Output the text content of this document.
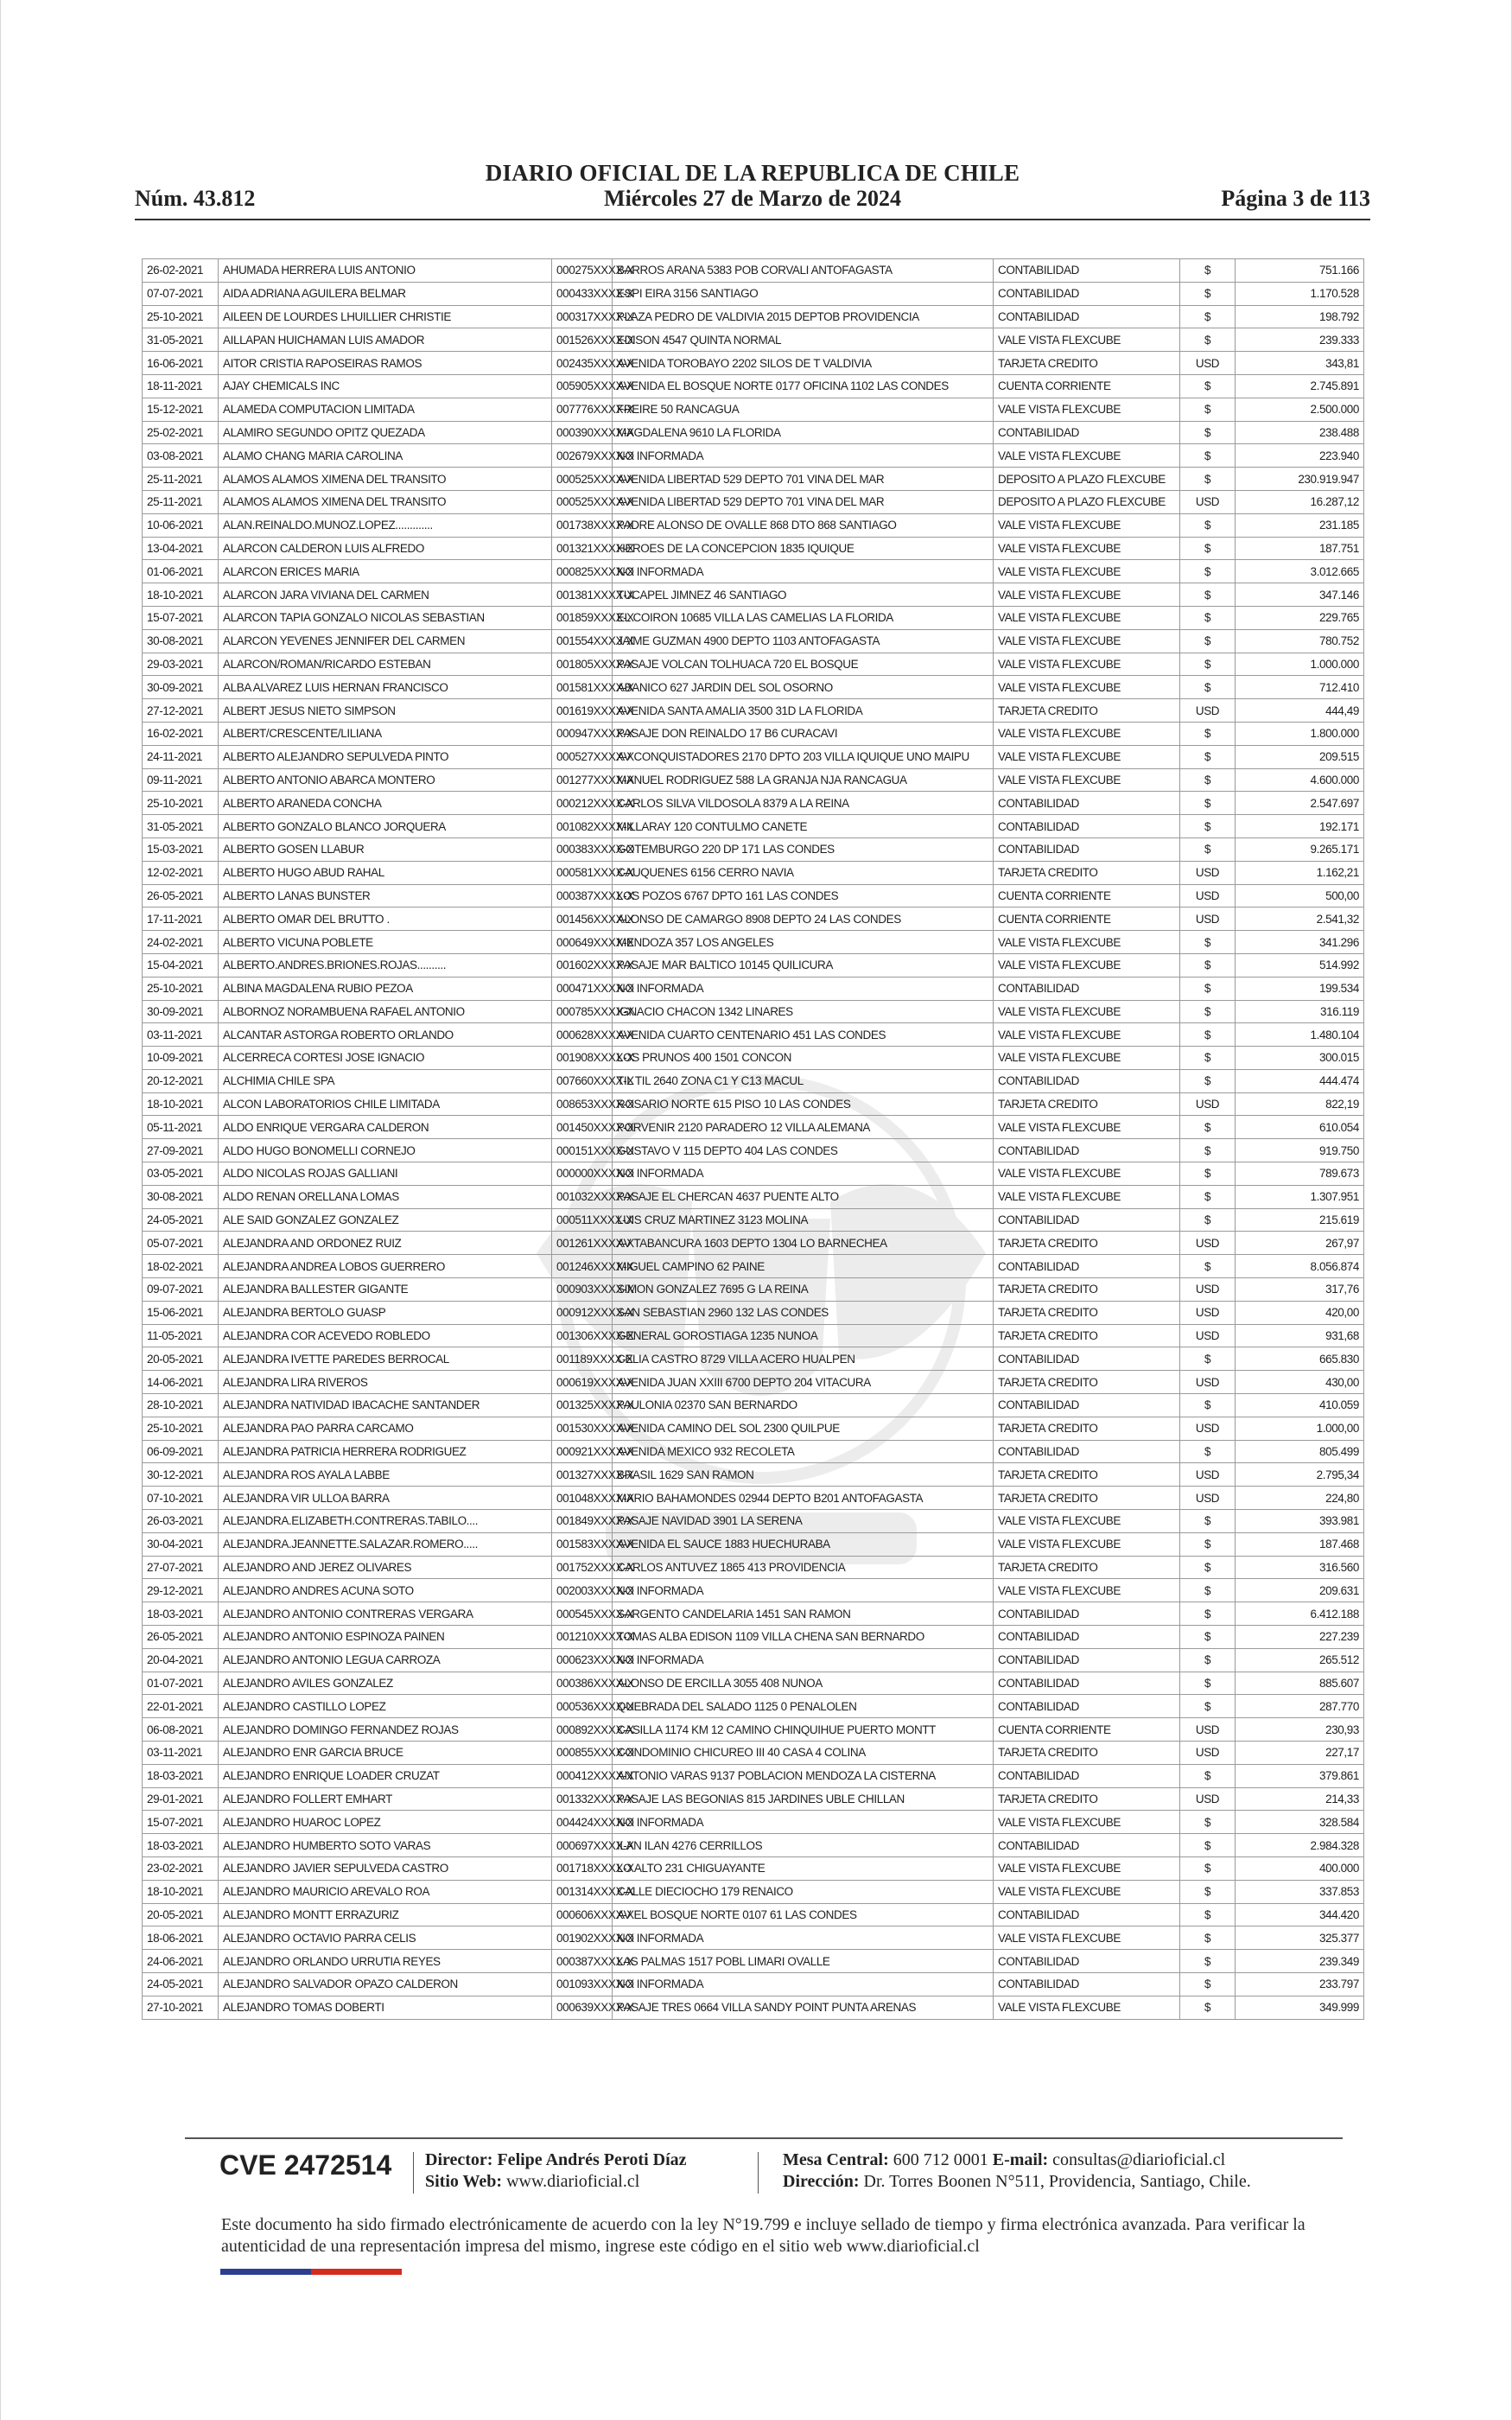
DIARIO OFICIAL DE LA REPUBLICA DE CHILE
Núm. 43.812	Miércoles 27 de Marzo de 2024	Página 3 de 113
26-02-2021	AHUMADA HERRERA LUIS ANTONIO	000275XXXX-X	BARROS ARANA 5383 POB CORVALI ANTOFAGASTA	CONTABILIDAD	$	751.166
07-07-2021	AIDA ADRIANA AGUILERA BELMAR	000433XXXX-X	ESPI EIRA 3156 SANTIAGO	CONTABILIDAD	$	1.170.528
25-10-2021	AILEEN DE LOURDES LHUILLIER CHRISTIE	000317XXXX-X	PLAZA PEDRO DE VALDIVIA 2015 DEPTOB PROVIDENCIA	CONTABILIDAD	$	198.792
31-05-2021	AILLAPAN HUICHAMAN LUIS AMADOR	001526XXXX-X	EDISON 4547 QUINTA NORMAL	VALE VISTA FLEXCUBE	$	239.333
16-06-2021	AITOR CRISTIA RAPOSEIRAS RAMOS	002435XXXX-X	AVENIDA TOROBAYO 2202 SILOS DE T VALDIVIA	TARJETA CREDITO	USD	343,81
18-11-2021	AJAY CHEMICALS INC	005905XXXX-X	AVENIDA EL BOSQUE NORTE 0177 OFICINA 1102 LAS CONDES	CUENTA CORRIENTE	$	2.745.891
15-12-2021	ALAMEDA COMPUTACION LIMITADA	007776XXXX-X	FREIRE 50 RANCAGUA	VALE VISTA FLEXCUBE	$	2.500.000
25-02-2021	ALAMIRO SEGUNDO OPITZ QUEZADA	000390XXXX-X	MAGDALENA 9610 LA FLORIDA	CONTABILIDAD	$	238.488
03-08-2021	ALAMO CHANG MARIA CAROLINA	002679XXXX-X	NO INFORMADA	VALE VISTA FLEXCUBE	$	223.940
25-11-2021	ALAMOS ALAMOS XIMENA DEL TRANSITO	000525XXXX-X	AVENIDA LIBERTAD 529 DEPTO 701 VINA DEL MAR	DEPOSITO A PLAZO FLEXCUBE	$	230.919.947
25-11-2021	ALAMOS ALAMOS XIMENA DEL TRANSITO	000525XXXX-X	AVENIDA LIBERTAD 529 DEPTO 701 VINA DEL MAR	DEPOSITO A PLAZO FLEXCUBE	USD	16.287,12
10-06-2021	ALAN.REINALDO.MUNOZ.LOPEZ.............	001738XXXX-X	PADRE ALONSO DE OVALLE 868 DTO 868 SANTIAGO	VALE VISTA FLEXCUBE	$	231.185
13-04-2021	ALARCON CALDERON LUIS ALFREDO	001321XXXX-X	HEROES DE LA CONCEPCION 1835 IQUIQUE	VALE VISTA FLEXCUBE	$	187.751
01-06-2021	ALARCON ERICES MARIA	000825XXXX-X	NO INFORMADA	VALE VISTA FLEXCUBE	$	3.012.665
18-10-2021	ALARCON JARA VIVIANA DEL CARMEN	001381XXXX-X	TUCAPEL JIMNEZ 46 SANTIAGO	VALE VISTA FLEXCUBE	$	347.146
15-07-2021	ALARCON TAPIA GONZALO NICOLAS SEBASTIAN	001859XXXX-X	EL COIRON 10685 VILLA LAS CAMELIAS LA FLORIDA	VALE VISTA FLEXCUBE	$	229.765
30-08-2021	ALARCON YEVENES JENNIFER DEL CARMEN	001554XXXX-X	JAIME GUZMAN 4900 DEPTO 1103 ANTOFAGASTA	VALE VISTA FLEXCUBE	$	780.752
29-03-2021	ALARCON/ROMAN/RICARDO ESTEBAN	001805XXXX-X	PASAJE VOLCAN TOLHUACA 720 EL BOSQUE	VALE VISTA FLEXCUBE	$	1.000.000
30-09-2021	ALBA ALVAREZ LUIS HERNAN FRANCISCO	001581XXXX-X	ABANICO 627 JARDIN DEL SOL OSORNO	VALE VISTA FLEXCUBE	$	712.410
27-12-2021	ALBERT JESUS NIETO SIMPSON	001619XXXX-X	AVENIDA SANTA AMALIA 3500 31D LA FLORIDA	TARJETA CREDITO	USD	444,49
16-02-2021	ALBERT/CRESCENTE/LILIANA	000947XXXX-X	PASAJE DON REINALDO 17 B6 CURACAVI	VALE VISTA FLEXCUBE	$	1.800.000
24-11-2021	ALBERTO ALEJANDRO SEPULVEDA PINTO	000527XXXX-X	AV CONQUISTADORES 2170 DPTO 203 VILLA IQUIQUE UNO MAIPU	VALE VISTA FLEXCUBE	$	209.515
09-11-2021	ALBERTO ANTONIO ABARCA MONTERO	001277XXXX-X	MANUEL RODRIGUEZ 588 LA GRANJA NJA RANCAGUA	VALE VISTA FLEXCUBE	$	4.600.000
25-10-2021	ALBERTO ARANEDA CONCHA	000212XXXX-X	CARLOS SILVA VILDOSOLA 8379 A LA REINA	CONTABILIDAD	$	2.547.697
31-05-2021	ALBERTO GONZALO BLANCO JORQUERA	001082XXXX-X	MILLARAY 120 CONTULMO CANETE	CONTABILIDAD	$	192.171
15-03-2021	ALBERTO GOSEN LLABUR	000383XXXX-X	GOTEMBURGO 220 DP 171 LAS CONDES	CONTABILIDAD	$	9.265.171
12-02-2021	ALBERTO HUGO ABUD RAHAL	000581XXXX-X	CAUQUENES 6156 CERRO NAVIA	TARJETA CREDITO	USD	1.162,21
26-05-2021	ALBERTO LANAS BUNSTER	000387XXXX-X	LOS POZOS 6767 DPTO 161 LAS CONDES	CUENTA CORRIENTE	USD	500,00
17-11-2021	ALBERTO OMAR DEL BRUTTO .	001456XXXX-X	ALONSO DE CAMARGO 8908 DEPTO 24 LAS CONDES	CUENTA CORRIENTE	USD	2.541,32
24-02-2021	ALBERTO VICUNA POBLETE	000649XXXX-X	MENDOZA 357 LOS ANGELES	VALE VISTA FLEXCUBE	$	341.296
15-04-2021	ALBERTO.ANDRES.BRIONES.ROJAS..........	001602XXXX-X	PASAJE MAR BALTICO 10145 QUILICURA	VALE VISTA FLEXCUBE	$	514.992
25-10-2021	ALBINA MAGDALENA RUBIO PEZOA	000471XXXX-X	NO INFORMADA	CONTABILIDAD	$	199.534
30-09-2021	ALBORNOZ NORAMBUENA RAFAEL ANTONIO	000785XXXX-X	IGNACIO CHACON 1342 LINARES	VALE VISTA FLEXCUBE	$	316.119
03-11-2021	ALCANTAR ASTORGA ROBERTO ORLANDO	000628XXXX-X	AVENIDA CUARTO CENTENARIO 451 LAS CONDES	VALE VISTA FLEXCUBE	$	1.480.104
10-09-2021	ALCERRECA CORTESI JOSE IGNACIO	001908XXXX-X	LOS PRUNOS 400 1501 CONCON	VALE VISTA FLEXCUBE	$	300.015
20-12-2021	ALCHIMIA CHILE SPA	007660XXXX-X	TIL TIL 2640 ZONA C1 Y C13 MACUL	CONTABILIDAD	$	444.474
18-10-2021	ALCON LABORATORIOS CHILE LIMITADA	008653XXXX-X	ROSARIO NORTE 615 PISO 10 LAS CONDES	TARJETA CREDITO	USD	822,19
05-11-2021	ALDO ENRIQUE VERGARA CALDERON	001450XXXX-X	PORVENIR 2120 PARADERO 12 VILLA ALEMANA	VALE VISTA FLEXCUBE	$	610.054
27-09-2021	ALDO HUGO BONOMELLI CORNEJO	000151XXXX-X	GUSTAVO V 115 DEPTO 404 LAS CONDES	CONTABILIDAD	$	919.750
03-05-2021	ALDO NICOLAS ROJAS GALLIANI	000000XXXX-X	NO INFORMADA	VALE VISTA FLEXCUBE	$	789.673
30-08-2021	ALDO RENAN ORELLANA LOMAS	001032XXXX-X	PASAJE EL CHERCAN 4637 PUENTE ALTO	VALE VISTA FLEXCUBE	$	1.307.951
24-05-2021	ALE SAID GONZALEZ GONZALEZ	000511XXXX-X	LUIS CRUZ MARTINEZ 3123 MOLINA	CONTABILIDAD	$	215.619
05-07-2021	ALEJANDRA AND ORDONEZ RUIZ	001261XXXX-X	AV TABANCURA 1603 DEPTO 1304 LO BARNECHEA	TARJETA CREDITO	USD	267,97
18-02-2021	ALEJANDRA ANDREA LOBOS GUERRERO	001246XXXX-X	MIGUEL CAMPINO 62 PAINE	CONTABILIDAD	$	8.056.874
09-07-2021	ALEJANDRA BALLESTER GIGANTE	000903XXXX-X	SIMON GONZALEZ 7695 G LA REINA	TARJETA CREDITO	USD	317,76
15-06-2021	ALEJANDRA BERTOLO GUASP	000912XXXX-X	SAN SEBASTIAN 2960 132 LAS CONDES	TARJETA CREDITO	USD	420,00
11-05-2021	ALEJANDRA COR ACEVEDO ROBLEDO	001306XXXX-X	GENERAL GOROSTIAGA 1235 NUNOA	TARJETA CREDITO	USD	931,68
20-05-2021	ALEJANDRA IVETTE PAREDES BERROCAL	001189XXXX-X	CELIA CASTRO 8729 VILLA ACERO HUALPEN	CONTABILIDAD	$	665.830
14-06-2021	ALEJANDRA LIRA RIVEROS	000619XXXX-X	AVENIDA JUAN XXIII 6700 DEPTO 204 VITACURA	TARJETA CREDITO	USD	430,00
28-10-2021	ALEJANDRA NATIVIDAD IBACACHE SANTANDER	001325XXXX-X	PAULONIA 02370 SAN BERNARDO	CONTABILIDAD	$	410.059
25-10-2021	ALEJANDRA PAO PARRA CARCAMO	001530XXXX-X	AVENIDA CAMINO DEL SOL 2300 QUILPUE	TARJETA CREDITO	USD	1.000,00
06-09-2021	ALEJANDRA PATRICIA HERRERA RODRIGUEZ	000921XXXX-X	AVENIDA MEXICO 932 RECOLETA	CONTABILIDAD	$	805.499
30-12-2021	ALEJANDRA ROS AYALA LABBE	001327XXXX-X	BRASIL 1629 SAN RAMON	TARJETA CREDITO	USD	2.795,34
07-10-2021	ALEJANDRA VIR ULLOA BARRA	001048XXXX-X	MARIO BAHAMONDES 02944 DEPTO B201 ANTOFAGASTA	TARJETA CREDITO	USD	224,80
26-03-2021	ALEJANDRA.ELIZABETH.CONTRERAS.TABILO....	001849XXXX-X	PASAJE NAVIDAD 3901 LA SERENA	VALE VISTA FLEXCUBE	$	393.981
30-04-2021	ALEJANDRA.JEANNETTE.SALAZAR.ROMERO.....	001583XXXX-X	AVENIDA EL SAUCE 1883 HUECHURABA	VALE VISTA FLEXCUBE	$	187.468
27-07-2021	ALEJANDRO AND JEREZ OLIVARES	001752XXXX-X	CARLOS ANTUVEZ 1865 413 PROVIDENCIA	TARJETA CREDITO	$	316.560
29-12-2021	ALEJANDRO ANDRES ACUNA SOTO	002003XXXX-X	NO INFORMADA	VALE VISTA FLEXCUBE	$	209.631
18-03-2021	ALEJANDRO ANTONIO CONTRERAS VERGARA	000545XXXX-X	SARGENTO CANDELARIA 1451 SAN RAMON	CONTABILIDAD	$	6.412.188
26-05-2021	ALEJANDRO ANTONIO ESPINOZA PAINEN	001210XXXX-X	TOMAS ALBA EDISON 1109 VILLA CHENA SAN BERNARDO	CONTABILIDAD	$	227.239
20-04-2021	ALEJANDRO ANTONIO LEGUA CARROZA	000623XXXX-X	NO INFORMADA	CONTABILIDAD	$	265.512
01-07-2021	ALEJANDRO AVILES GONZALEZ	000386XXXX-X	ALONSO DE ERCILLA 3055 408 NUNOA	CONTABILIDAD	$	885.607
22-01-2021	ALEJANDRO CASTILLO LOPEZ	000536XXXX-X	QUEBRADA DEL SALADO 1125 0 PENALOLEN	CONTABILIDAD	$	287.770
06-08-2021	ALEJANDRO DOMINGO FERNANDEZ ROJAS	000892XXXX-X	CASILLA 1174 KM 12 CAMINO CHINQUIHUE PUERTO MONTT	CUENTA CORRIENTE	USD	230,93
03-11-2021	ALEJANDRO ENR GARCIA BRUCE	000855XXXX-X	CONDOMINIO CHICUREO III 40 CASA 4 COLINA	TARJETA CREDITO	USD	227,17
18-03-2021	ALEJANDRO ENRIQUE LOADER CRUZAT	000412XXXX-X	ANTONIO VARAS 9137 POBLACION MENDOZA LA CISTERNA	CONTABILIDAD	$	379.861
29-01-2021	ALEJANDRO FOLLERT EMHART	001332XXXX-X	PASAJE LAS BEGONIAS 815 JARDINES UBLE CHILLAN	TARJETA CREDITO	USD	214,33
15-07-2021	ALEJANDRO HUAROC LOPEZ	004424XXXX-X	NO INFORMADA	VALE VISTA FLEXCUBE	$	328.584
18-03-2021	ALEJANDRO HUMBERTO SOTO VARAS	000697XXXX-X	ILAN ILAN 4276 CERRILLOS	CONTABILIDAD	$	2.984.328
23-02-2021	ALEJANDRO JAVIER SEPULVEDA CASTRO	001718XXXX-X	LO ALTO 231 CHIGUAYANTE	VALE VISTA FLEXCUBE	$	400.000
18-10-2021	ALEJANDRO MAURICIO AREVALO ROA	001314XXXX-X	CALLE DIECIOCHO 179 RENAICO	VALE VISTA FLEXCUBE	$	337.853
20-05-2021	ALEJANDRO MONTT ERRAZURIZ	000606XXXX-X	AV EL BOSQUE NORTE 0107 61 LAS CONDES	CONTABILIDAD	$	344.420
18-06-2021	ALEJANDRO OCTAVIO PARRA CELIS	001902XXXX-X	NO INFORMADA	VALE VISTA FLEXCUBE	$	325.377
24-06-2021	ALEJANDRO ORLANDO URRUTIA REYES	000387XXXX-X	LAS PALMAS 1517 POBL LIMARI OVALLE	CONTABILIDAD	$	239.349
24-05-2021	ALEJANDRO SALVADOR OPAZO CALDERON	001093XXXX-X	NO INFORMADA	CONTABILIDAD	$	233.797
27-10-2021	ALEJANDRO TOMAS DOBERTI	000639XXXX-X	PASAJE TRES 0664 VILLA SANDY POINT PUNTA ARENAS	VALE VISTA FLEXCUBE	$	349.999
CVE 2472514 Director: Felipe Andrés Peroti Díaz
Sitio Web: www.diarioficial.cl
Mesa Central: 600 712 0001 E-mail: consultas@diarioficial.cl
Dirección: Dr. Torres Boonen N°511, Providencia, Santiago, Chile.
Este documento ha sido firmado electrónicamente de acuerdo con la ley N°19.799 e incluye sellado de tiempo y firma electrónica avanzada. Para verificar la autenticidad de una representación impresa del mismo, ingrese este código en el sitio web www.diarioficial.cl
